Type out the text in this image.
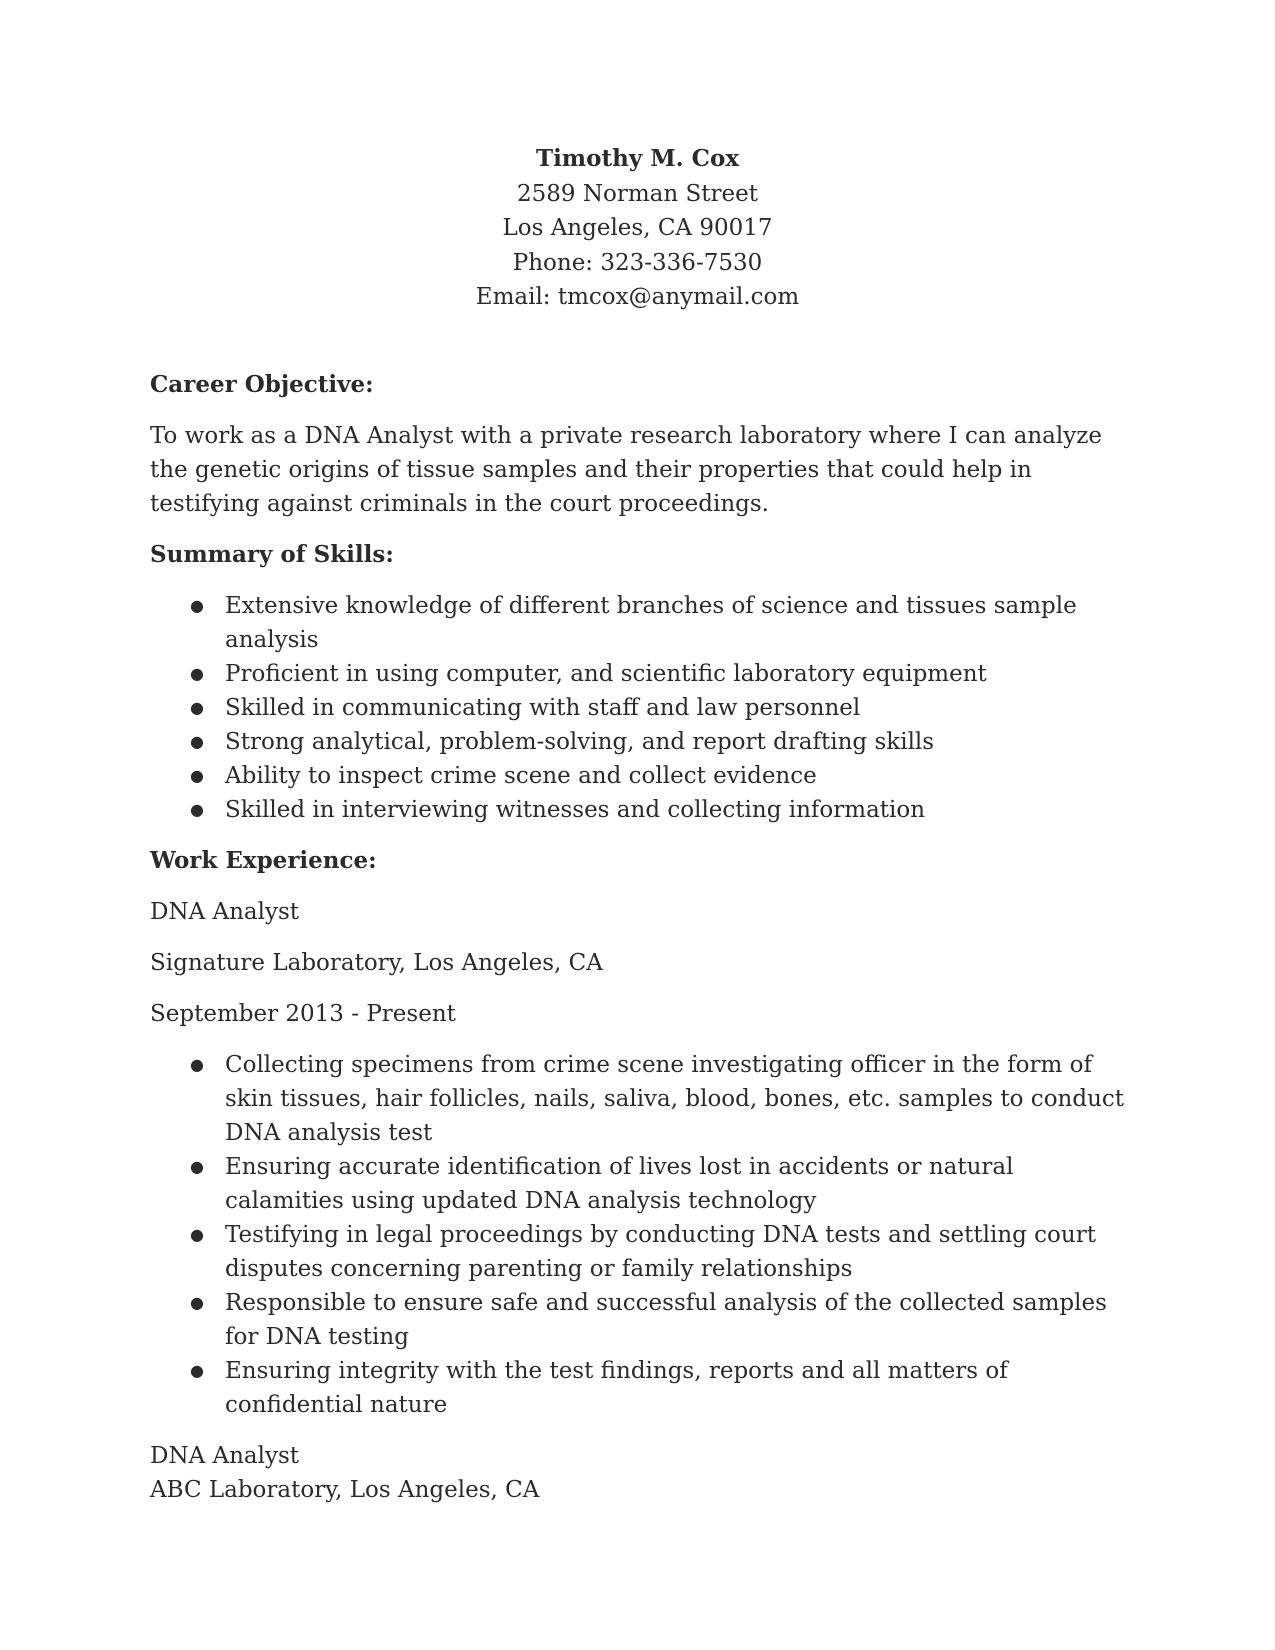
Timothy M. Cox
2589 Norman Street
Los Angeles, CA 90017
Phone: 323-336-7530
Email: tmcox@anymail.com
Career Objective:
To work as a DNA Analyst with a private research laboratory where I can analyze the genetic origins of tissue samples and their properties that could help in testifying against criminals in the court proceedings.
Summary of Skills:
● Extensive knowledge of different branches of science and tissues sample analysis
● Proficient in using computer, and scientific laboratory equipment
● Skilled in communicating with staff and law personnel
● Strong analytical, problem-solving, and report drafting skills
● Ability to inspect crime scene and collect evidence
● Skilled in interviewing witnesses and collecting information
Work Experience:
DNA Analyst
Signature Laboratory, Los Angeles, CA
September 2013 - Present
● Collecting specimens from crime scene investigating officer in the form of skin tissues, hair follicles, nails, saliva, blood, bones, etc. samples to conduct DNA analysis test
● Ensuring accurate identification of lives lost in accidents or natural calamities using updated DNA analysis technology
● Testifying in legal proceedings by conducting DNA tests and settling court disputes concerning parenting or family relationships
● Responsible to ensure safe and successful analysis of the collected samples for DNA testing
● Ensuring integrity with the test findings, reports and all matters of confidential nature
DNA Analyst
ABC Laboratory, Los Angeles, CA
